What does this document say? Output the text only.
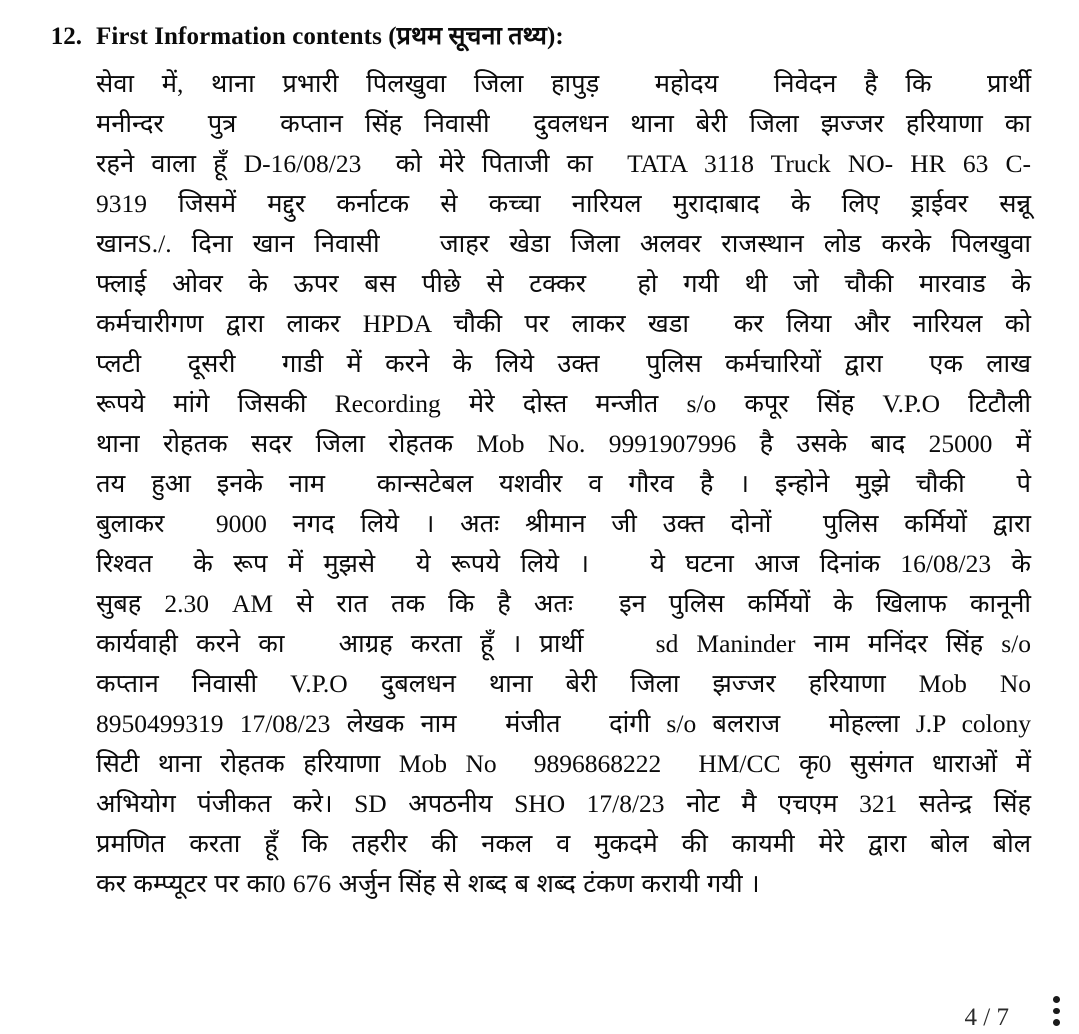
12. First Information contents (प्रथम सूचना तथ्य):

सेवा में, थाना प्रभारी पिलखुवा जिला हापुड़  महोदय  निवेदन है कि  प्रार्थी

मनीन्दर  पुत्र  कप्तान सिंह निवासी  दुवलधन थाना बेरी जिला झज्जर हरियाणा का

रहने वाला हूँ D-16/08/23  को मेरे पिताजी का  TATA 3118 Truck NO- HR 63 C-

9319 जिसमें मद्दुर कर्नाटक से कच्चा नारियल मुरादाबाद के लिए ड्राईवर सन्नू

खानS./. दिना खान निवासी   जाहर खेडा जिला अलवर राजस्थान लोड करके पिलखुवा

फ्लाई ओवर के ऊपर बस पीछे से टक्कर  हो गयी थी जो चौकी मारवाड के

कर्मचारीगण द्वारा लाकर HPDA चौकी पर लाकर खडा  कर लिया और नारियल को

प्लटी  दूसरी  गाडी में करने के लिये उक्त  पुलिस कर्मचारियों द्वारा  एक लाख

रूपये मांगे जिसकी Recording मेरे दोस्त मन्जीत s/o कपूर सिंह V.P.O टिटौली

थाना रोहतक सदर जिला रोहतक Mob No. 9991907996 है उसके बाद 25000 में

तय हुआ इनके नाम  कान्सटेबल यशवीर व गौरव है । इन्होने मुझे चौकी  पे

बुलाकर  9000 नगद लिये । अतः श्रीमान जी उक्त दोनों  पुलिस कर्मियों द्वारा

रिश्वत  के रूप में मुझसे  ये रूपये लिये ।   ये घटना आज दिनांक 16/08/23 के

सुबह 2.30 AM से रात तक कि है अतः  इन पुलिस कर्मियों के खिलाफ कानूनी

कार्यवाही करने का   आग्रह करता हूँ । प्रार्थी    sd Maninder नाम मनिंदर सिंह s/o

कप्तान निवासी V.P.O दुबलधन थाना बेरी जिला झज्जर हरियाणा Mob No

8950499319 17/08/23 लेखक नाम   मंजीत   दांगी s/o बलराज   मोहल्ला J.P colony

सिटी थाना रोहतक हरियाणा Mob No  9896868222  HM/CC कृ0 सुसंगत धाराओं में

अभियोग पंजीकत करे। SD अपठनीय SHO 17/8/23 नोट मै एचएम 321 सतेन्द्र सिंह

प्रमणित करता हूँ कि तहरीर की नकल व मुकदमे की कायमी मेरे द्वारा बोल बोल

कर कम्प्यूटर पर का0 676 अर्जुन सिंह से शब्द ब शब्द टंकण करायी गयी ।

4 / 7
